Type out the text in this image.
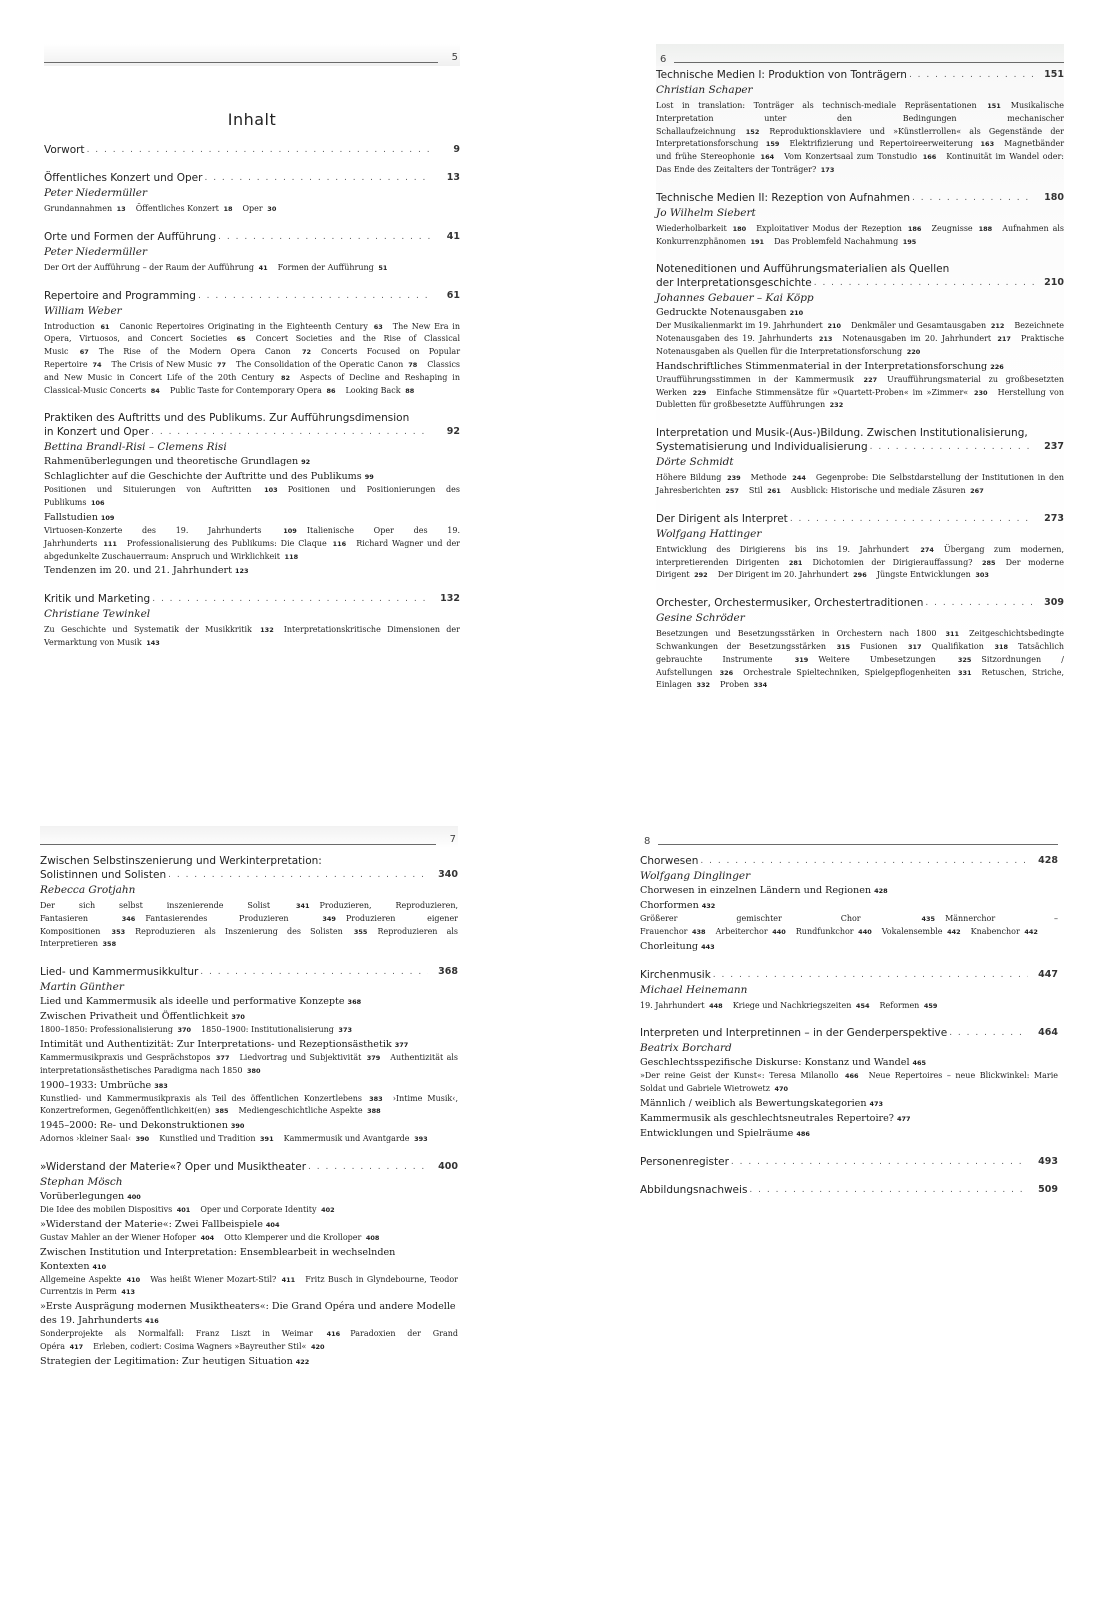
5
Inhalt
Vorwort . . .	9
Öffentliches Konzert und Oper . . .	13
Peter Niedermüller
Grundannahmen 13 Öffentliches Konzert 18 Oper 30
Orte und Formen der Aufführung . . .	41
Peter Niedermüller
Der Ort der Aufführung – der Raum der Aufführung 41 Formen der Aufführung 51
Repertoire and Programming . . .	61
William Weber
Introduction 61 Canonic Repertoires Originating in the Eighteenth Century 63 The New Era in Opera, Virtuosos, and Concert Societies 65 Concert Societies and the Rise of Classical Music 67 The Rise of the Modern Opera Canon 72 Concerts Focused on Popular Repertoire 74 The Crisis of New Music 77 The Consolidation of the Operatic Canon 78 Classics and New Music in Concert Life of the 20th Century 82 Aspects of Decline and Reshaping in Classical-Music Concerts 84 Public Taste for Contemporary Opera 86 Looking Back 88
Praktiken des Auftritts und des Publikums. Zur Aufführungsdimension
in Konzert und Oper . . .	92
Bettina Brandl-Risi – Clemens Risi
Rahmenüberlegungen und theoretische Grundlagen 92
Schlaglichter auf die Geschichte der Auftritte und des Publikums 99
Positionen und Situierungen von Auftritten 103 Positionen und Positionierungen des Publikums 106
Fallstudien 109
Virtuosen-Konzerte des 19. Jahrhunderts	109 Italienische Oper des 19. Jahrhunderts 111 Professionalisierung des Publikums: Die Claque 116 Richard Wagner und der abgedunkelte Zuschauerraum: Anspruch und Wirklichkeit 118
Tendenzen im 20. und 21. Jahrhundert 123
Kritik und Marketing . . .	132
Christiane Tewinkel
Zu Geschichte und Systematik der Musikkritik 132 Interpretationskritische Dimensionen der Vermarktung von Musik 143
6
Technische Medien I: Produktion von Tonträgern . . .	151
Christian Schaper
Lost in translation: Tonträger als technisch-mediale Repräsentationen 151 Musikalische Interpretation unter den Bedingungen mechanischer Schallaufzeichnung 152 Reproduktionsklaviere und »Künstlerrollen« als Gegenstände der Interpretationsforschung 159 Elektrifizierung und Repertoireerweiterung 163 Magnetbänder und frühe Stereophonie 164 Vom Konzertsaal zum Tonstudio 166 Kontinuität im Wandel oder: Das Ende des Zeitalters der Tonträger? 173
Technische Medien II: Rezeption von Aufnahmen . . .	180
Jo Wilhelm Siebert
Wiederholbarkeit 180 Exploitativer Modus der Rezeption 186 Zeugnisse 188 Aufnahmen als Konkurrenzphänomen 191 Das Problemfeld Nachahmung 195
Noteneditionen und Aufführungsmaterialien als Quellen
der Interpretationsgeschichte . . .	210
Johannes Gebauer – Kai Köpp
Gedruckte Notenausgaben 210
Der Musikalienmarkt im 19. Jahrhundert 210 Denkmäler und Gesamtausgaben 212 Bezeichnete Notenausgaben des 19. Jahrhunderts 213 Notenausgaben im 20. Jahrhundert 217 Praktische Notenausgaben als Quellen für die Interpretationsforschung 220
Handschriftliches Stimmenmaterial in der Interpretationsforschung 226
Uraufführungsstimmen in der Kammermusik 227 Uraufführungsmaterial zu großbesetzten Werken 229 Einfache Stimmensätze für »Quartett-Proben« im »Zimmer« 230 Herstellung von Dubletten für großbesetzte Aufführungen 232
Interpretation und Musik-(Aus-)Bildung. Zwischen Institutionalisierung,
Systematisierung und Individualisierung . . .	237
Dörte Schmidt
Höhere Bildung 239 Methode 244 Gegenprobe: Die Selbstdarstellung der Institutionen in den Jahresberichten 257 Stil 261 Ausblick: Historische und mediale Zäsuren 267
Der Dirigent als Interpret . . .	273
Wolfgang Hattinger
Entwicklung des Dirigierens bis ins 19. Jahrhundert 274 Übergang zum modernen, interpretierenden Dirigenten 281 Dichotomien der Dirigierauffassung? 285 Der moderne Dirigent 292 Der Dirigent im 20. Jahrhundert 296 Jüngste Entwicklungen 303
Orchester, Orchestermusiker, Orchestertraditionen . . .	309
Gesine Schröder
Besetzungen und Besetzungsstärken in Orchestern nach 1800 311 Zeitgeschichtsbedingte Schwankungen der Besetzungsstärken 315 Fusionen 317 Qualifikation 318 Tatsächlich gebrauchte Instrumente	319 Weitere Umbesetzungen	325 Sitzordnungen / Aufstellungen 326 Orchestrale Spieltechniken, Spielgepflogenheiten 331 Retuschen, Striche, Einlagen 332 Proben 334
7
Zwischen Selbstinszenierung und Werkinterpretation:
Solistinnen und Solisten . . .	340
Rebecca Grotjahn
Der sich selbst inszenierende Solist	341 Produzieren, Reproduzieren, Fantasieren	346 Fantasierendes Produzieren	349 Produzieren eigener Kompositionen 353 Reproduzieren als Inszenierung des Solisten 355 Reproduzieren als Interpretieren 358
Lied- und Kammermusikkultur . . .	368
Martin Günther
Lied und Kammermusik als ideelle und performative Konzepte 368
Zwischen Privatheit und Öffentlichkeit 370
1800–1850: Professionalisierung 370 1850–1900: Institutionalisierung 373
Intimität und Authentizität: Zur Interpretations- und Rezeptionsästhetik 377
Kammermusikpraxis und Gesprächstopos 377 Liedvortrag und Subjektivität 379 Authentizität als interpretationsästhetisches Paradigma nach 1850 380
1900–1933: Umbrüche 383
Kunstlied- und Kammermusikpraxis als Teil des öffentlichen Konzertlebens 383 ›Intime Musik‹, Konzertreformen, Gegenöffentlichkeit(en) 385 Mediengeschichtliche Aspekte 388
1945–2000: Re- und Dekonstruktionen 390
Adornos ›kleiner Saal‹ 390 Kunstlied und Tradition 391 Kammermusik und Avantgarde 393
»Widerstand der Materie«? Oper und Musiktheater . . .	400
Stephan Mösch
Vorüberlegungen 400
Die Idee des mobilen Dispositivs 401 Oper und Corporate Identity 402
»Widerstand der Materie«: Zwei Fallbeispiele 404
Gustav Mahler an der Wiener Hofoper 404 Otto Klemperer und die Krolloper 408
Zwischen Institution und Interpretation: Ensemblearbeit in wechselnden Kontexten 410
Allgemeine Aspekte 410 Was heißt Wiener Mozart-Stil? 411 Fritz Busch in Glyndebourne, Teodor Currentzis in Perm 413
»Erste Ausprägung modernen Musiktheaters«: Die Grand Opéra und andere Modelle des 19. Jahrhunderts 416
Sonderprojekte als Normalfall: Franz Liszt in Weimar 416 Paradoxien der Grand Opéra 417 Erleben, codiert: Cosima Wagners »Bayreuther Stil« 420
Strategien der Legitimation: Zur heutigen Situation 422
8
Chorwesen . . .	428
Wolfgang Dinglinger
Chorwesen in einzelnen Ländern und Regionen 428
Chorformen 432
Größerer gemischter Chor	435 Männerchor – Frauenchor 438 Arbeiterchor 440 Rundfunkchor 440 Vokalensemble 442 Knabenchor 442
Chorleitung 443
Kirchenmusik . . .	447
Michael Heinemann
19. Jahrhundert 448 Kriege und Nachkriegszeiten 454 Reformen 459
Interpreten und Interpretinnen – in der Genderperspektive . . .	464
Beatrix Borchard
Geschlechtsspezifische Diskurse: Konstanz und Wandel 465
»Der reine Geist der Kunst«: Teresa Milanollo 466 Neue Repertoires – neue Blickwinkel: Marie Soldat und Gabriele Wietrowetz 470
Männlich / weiblich als Bewertungskategorien 473
Kammermusik als geschlechtsneutrales Repertoire? 477
Entwicklungen und Spielräume 486
Personenregister . . .	493
Abbildungsnachweis . . .	509
